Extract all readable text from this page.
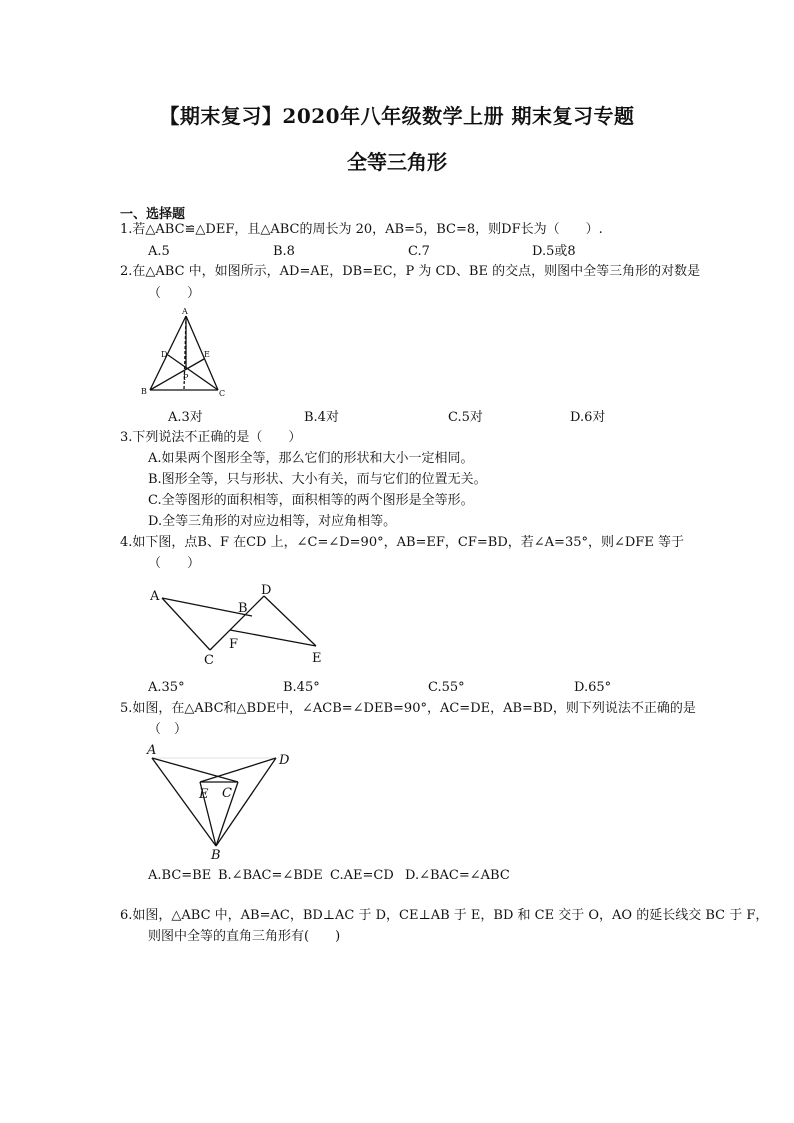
【期末复习】2020年八年级数学上册 期末复习专题
全等三角形
一、选择题
1.若△ABC≌△DEF，且△ABC的周长为 20，AB=5，BC=8，则DF长为（　　）.
A.5	B.8	C.7	D.5或8
2.在△ABC 中，如图所示，AD=AE，DB=EC，P 为 CD、BE 的交点，则图中全等三角形的对数是
（　　）
A
B	C
D	E
P
A.3对	B.4对	C.5对	D.6对
3.下列说法不正确的是（　　）
A.如果两个图形全等，那么它们的形状和大小一定相同。
B.图形全等，只与形状、大小有关，而与它们的位置无关。
C.全等图形的面积相等，面积相等的两个图形是全等形。
D.全等三角形的对应边相等，对应角相等。
4.如下图，点B、F 在CD 上，∠C=∠D=90°，AB=EF，CF=BD，若∠A=35°，则∠DFE 等于
（　　）
A
B
C
D
E
F
A.35°	B.45°	C.55°	D.65°
5.如图，在△ABC和△BDE中，∠ACB=∠DEB=90°，AC=DE，AB=BD，则下列说法不正确的是
（　）
A
B
C
D
E
A.BC=BE B.∠BAC=∠BDE C.AE=CD D.∠BAC=∠ABC
6.如图，△ABC 中，AB=AC，BD⊥AC 于 D，CE⊥AB 于 E，BD 和 CE 交于 O，AO 的延长线交 BC 于 F，
则图中全等的直角三角形有(　　)
